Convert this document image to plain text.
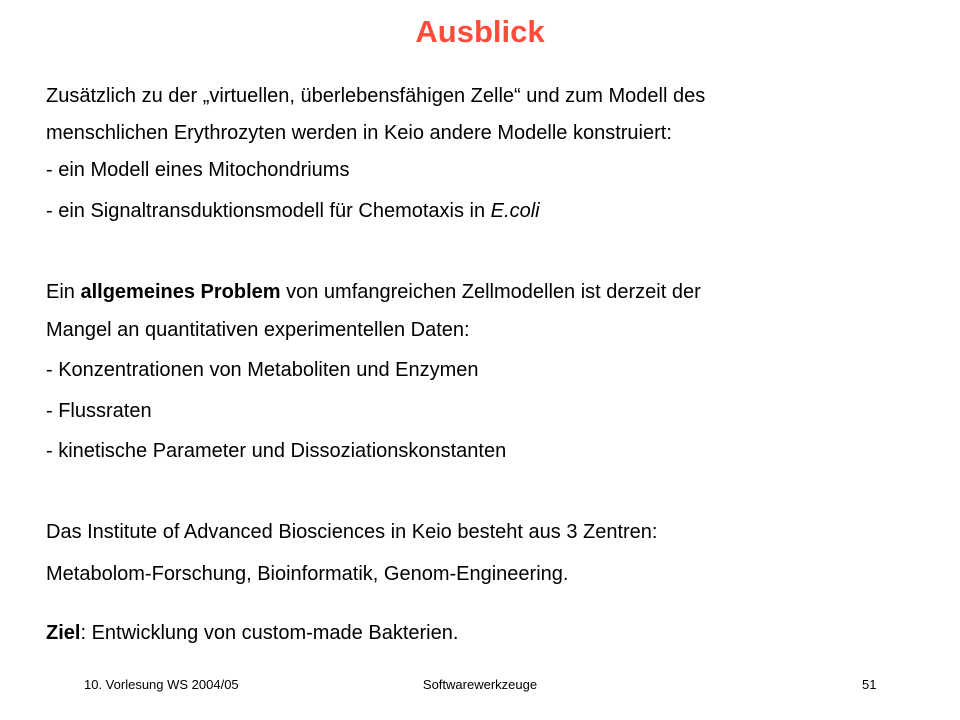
Ausblick
Zusätzlich zu der „virtuellen, überlebensfähigen Zelle“ und zum Modell des
menschlichen Erythrozyten werden in Keio andere Modelle konstruiert:
- ein Modell eines Mitochondriums
- ein Signaltransduktionsmodell für Chemotaxis in E.coli
Ein allgemeines Problem von umfangreichen Zellmodellen ist derzeit der
Mangel an quantitativen experimentellen Daten:
- Konzentrationen von Metaboliten und Enzymen
- Flussraten
- kinetische Parameter und Dissoziationskonstanten
Das Institute of Advanced Biosciences in Keio besteht aus 3 Zentren:
Metabolom-Forschung, Bioinformatik, Genom-Engineering.
Ziel: Entwicklung von custom-made Bakterien.
10. Vorlesung WS 2004/05	Softwarewerkzeuge	51
